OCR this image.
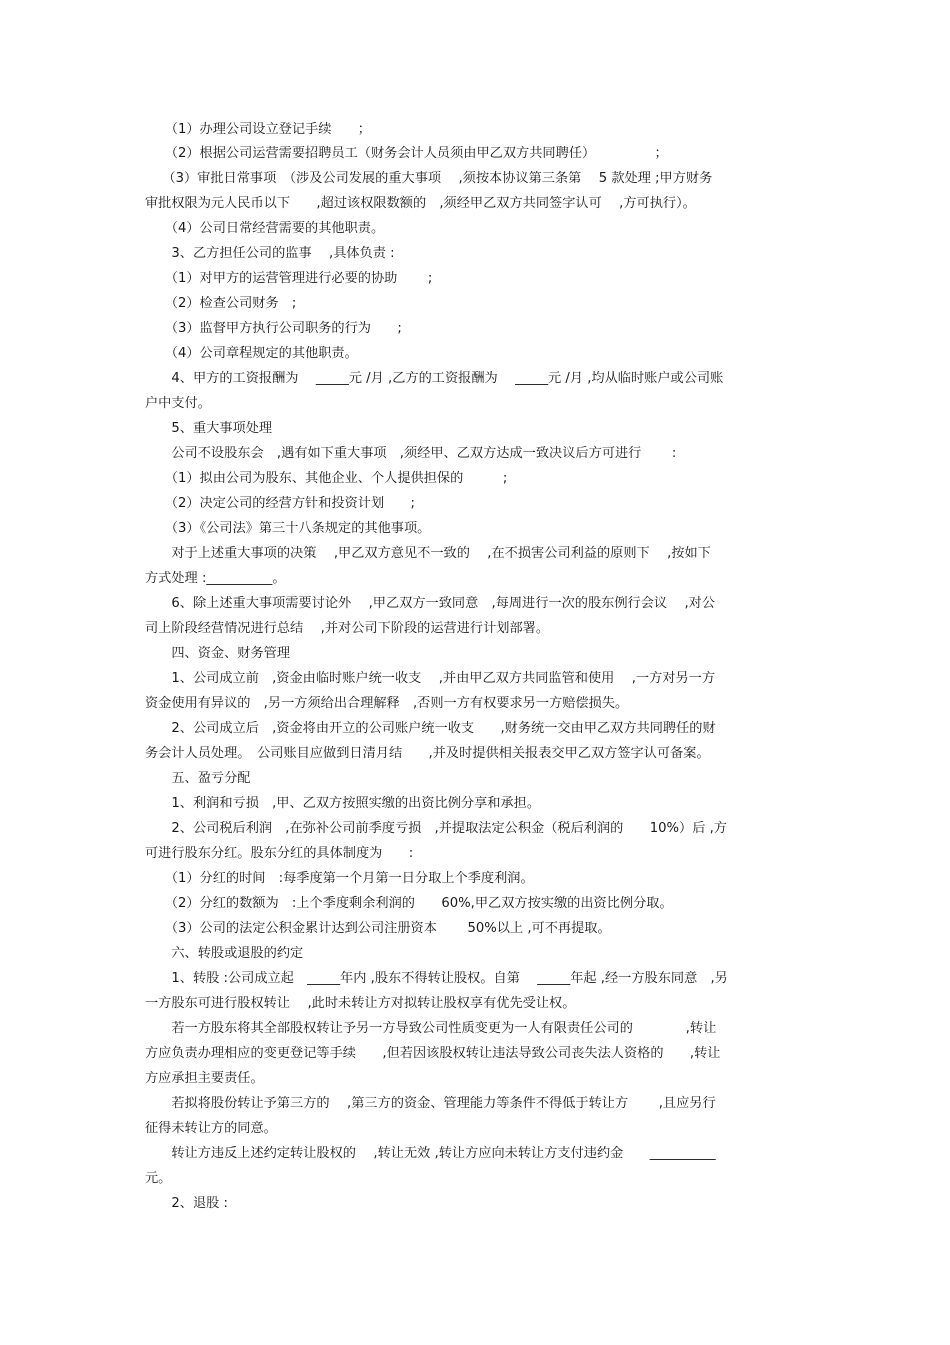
　　（1）办理公司设立登记手续　　；

　　（2）根据公司运营需要招聘员工（财务会计人员须由甲乙双方共同聘任）　　　　　；

　 （3）审批日常事项　（涉及公司发展的重大事项　 ,须按本协议第三条第　 5 款处理 ;甲方财务

审批权限为元人民币以下　　,超过该权限数额的　,须经甲乙双方共同签字认可　 ,方可执行）。

　　（4）公司日常经营需要的其他职责。

　　3、乙方担任公司的监事　 ,具体负责 :

　　（1）对甲方的运营管理进行必要的协助　　 ;

　　（2）检查公司财务　;

　　（3）监督甲方执行公司职务的行为　　;

　　（4）公司章程规定的其他职责。

　　4、甲方的工资报酬为　 _____元 /月 ,乙方的工资报酬为　 _____元 /月 ,均从临时账户或公司账

户中支付。

　　5、重大事项处理

　　公司不设股东会　,遇有如下重大事项　,须经甲、乙双方达成一致决议后方可进行　　 :

　　（1）拟由公司为股东、其他企业、个人提供担保的　　　;

　　（2）决定公司的经营方针和投资计划　　;

　　（3）《公司法》第三十八条规定的其他事项。

　　对于上述重大事项的决策　 ,甲乙双方意见不一致的　 ,在不损害公司利益的原则下　 ,按如下

方式处理 :__________。

　　6、除上述重大事项需要讨论外　 ,甲乙双方一致同意　,每周进行一次的股东例行会议　 ,对公

司上阶段经营情况进行总结　 ,并对公司下阶段的运营进行计划部署。

　　四、资金、财务管理

　　1、公司成立前　,资金由临时账户统一收支　 ,并由甲乙双方共同监管和使用　 ,一方对另一方

资金使用有异议的　,另一方须给出合理解释　,否则一方有权要求另一方赔偿损失。

　　2、公司成立后　,资金将由开立的公司账户统一收支　　,财务统一交由甲乙双方共同聘任的财

务会计人员处理。　公司账目应做到日清月结　　,并及时提供相关报表交甲乙双方签字认可备案。

　　五、盈亏分配

　　1、利润和亏损　,甲、乙双方按照实缴的出资比例分享和承担。

　　2、公司税后利润　,在弥补公司前季度亏损　,并提取法定公积金（税后利润的　　10%）后 ,方

可进行股东分红。股东分红的具体制度为　　:

　　（1）分红的时间　:每季度第一个月第一日分取上个季度利润。

　　（2）分红的数额为　:上个季度剩余利润的　　60%,甲乙双方按实缴的出资比例分取。

　　（3）公司的法定公积金累计达到公司注册资本　　 50%以上 ,可不再提取。

　　六、转股或退股的约定

　　1、转股 :公司成立起　_____年内 ,股东不得转让股权。自第　 _____年起 ,经一方股东同意　,另

一方股东可进行股权转让　 ,此时未转让方对拟转让股权享有优先受让权。

　　若一方股东将其全部股权转让予另一方导致公司性质变更为一人有限责任公司的　　　　,转让

方应负责办理相应的变更登记等手续　　,但若因该股权转让违法导致公司丧失法人资格的　　,转让

方应承担主要责任。

　　若拟将股份转让予第三方的　 ,第三方的资金、管理能力等条件不得低于转让方　　 ,且应另行

征得未转让方的同意。

　　转让方违反上述约定转让股权的　 ,转让无效 ,转让方应向未转让方支付违约金　　__________

元。

　　2、退股 :
